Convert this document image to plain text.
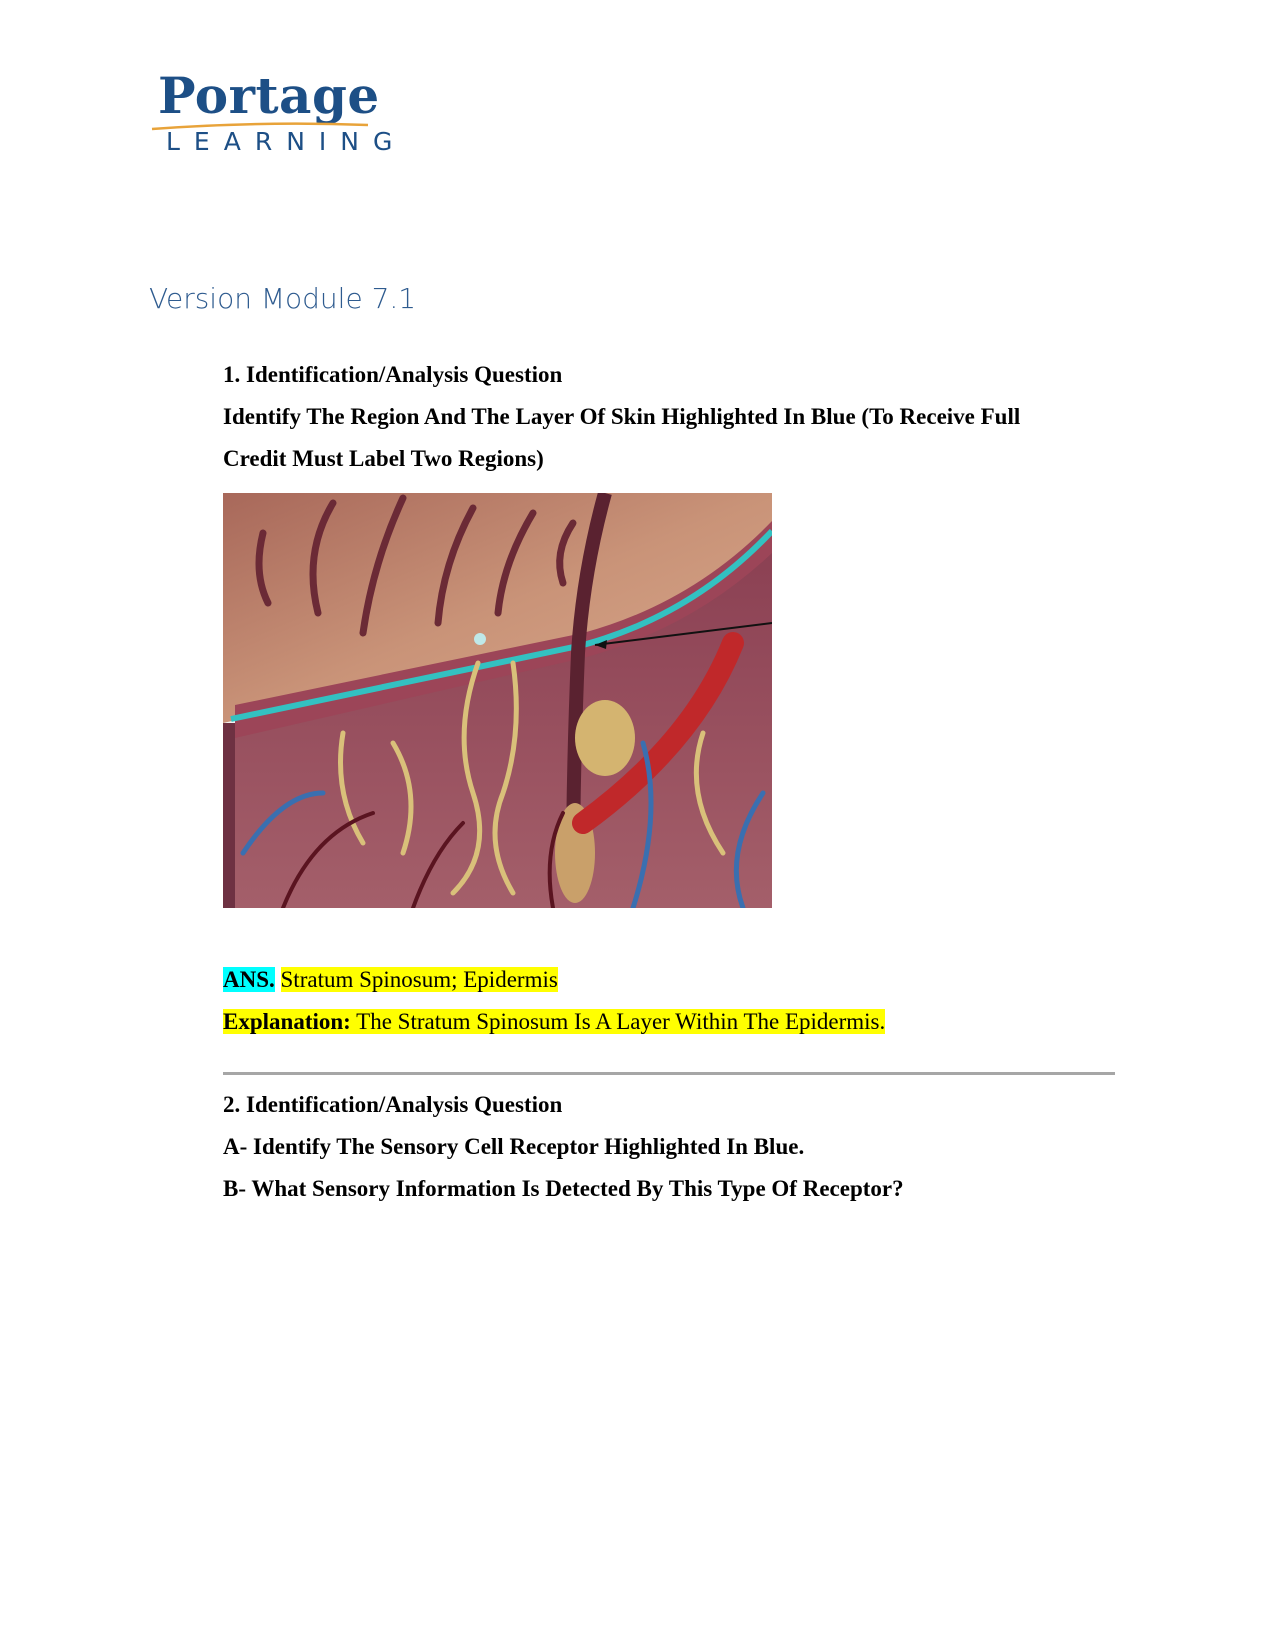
Portage
LEARNING
Version Module 7.1
1. Identification/Analysis Question
Identify The Region And The Layer Of Skin Highlighted In Blue (To Receive Full
Credit Must Label Two Regions)
ANS. Stratum Spinosum; Epidermis
Explanation: The Stratum Spinosum Is A Layer Within The Epidermis.
2. Identification/Analysis Question
A- Identify The Sensory Cell Receptor Highlighted In Blue.
B- What Sensory Information Is Detected By This Type Of Receptor?
